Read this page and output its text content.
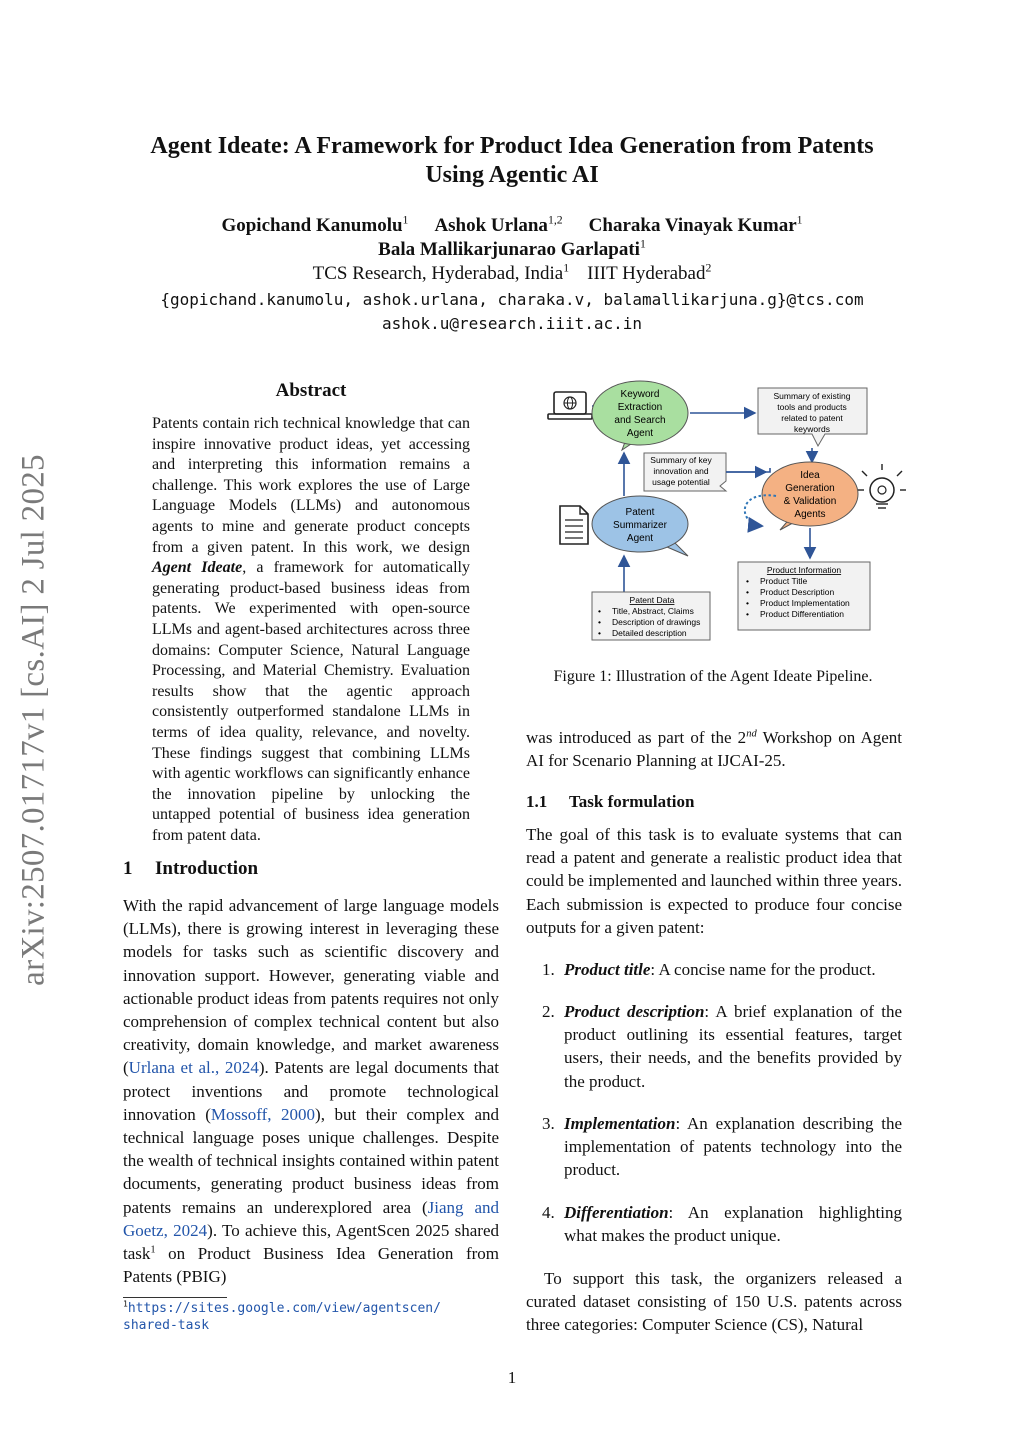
arXiv:2507.01717v1 [cs.AI] 2 Jul 2025
Agent Ideate: A Framework for Product Idea Generation from Patents
Using Agentic AI
Gopichand Kanumolu$^1$ Ashok Urlana$^{1,2}$ Charaka Vinayak Kumar$^1$
Bala Mallikarjunarao Garlapati$^1$
TCS Research, Hyderabad, India$^1$ IIIT Hyderabad$^2$
{gopichand.kanumolu, ashok.urlana, charaka.v, balamallikarjuna.g}@tcs.com
ashok.u@research.iiit.ac.in
Abstract
Patents contain rich technical knowledge that can inspire innovative product ideas, yet accessing and interpreting this information remains a challenge. This work explores the use of Large Language Models (LLMs) and autonomous agents to mine and generate product concepts from a given patent. In this work, we design Agent Ideate, a framework for automatically generating product-based business ideas from patents. We experimented with open-source LLMs and agent-based architectures across three domains: Computer Science, Natural Language Processing, and Material Chemistry. Evaluation results show that the agentic approach consistently outperformed standalone LLMs in terms of idea quality, relevance, and novelty. These findings suggest that combining LLMs with agentic workflows can significantly enhance the innovation pipeline by unlocking the untapped potential of business idea generation from patent data.
1 Introduction
With the rapid advancement of large language models (LLMs), there is growing interest in leveraging these models for tasks such as scientific discovery and innovation support. However, generating viable and actionable product ideas from patents requires not only comprehension of complex technical content but also creativity, domain knowledge, and market awareness (Urlana et al., 2024). Patents are legal documents that protect inventions and promote technological innovation (Mossoff, 2000), but their complex and technical language poses unique challenges. Despite the wealth of technical insights contained within patent documents, generating product business ideas from patents remains an underexplored area (Jiang and Goetz, 2024). To achieve this, AgentScen 2025 shared task$^1$ on Product Business Idea Generation from Patents (PBIG)
$^1$https://sites.google.com/view/agentscen/
shared-task
Keyword
Extraction
and Search
Agent
Summary of existing
tools and products
related to patent
keywords
Idea
Generation
& Validation
Agents
Summary of key
innovation and
usage potential
Patent
Summarizer
Agent
Product Information
• Product Title
• Product Description
• Product Implementation
• Product Differentiation
Patent Data
• Title, Abstract, Claims
• Description of drawings
• Detailed description
Figure 1: Illustration of the Agent Ideate Pipeline.
was introduced as part of the 2nd Workshop on Agent AI for Scenario Planning at IJCAI-25.
1.1 Task formulation
The goal of this task is to evaluate systems that can read a patent and generate a realistic product idea that could be implemented and launched within three years. Each submission is expected to produce four concise outputs for a given patent:
1. Product title: A concise name for the product.
2. Product description: A brief explanation of the product outlining its essential features, target users, their needs, and the benefits provided by the product.
3. Implementation: An explanation describing the implementation of patents technology into the product.
4. Differentiation: An explanation highlighting what makes the product unique.
To support this task, the organizers released a curated dataset consisting of 150 U.S. patents across three categories: Computer Science (CS), Natural
1
